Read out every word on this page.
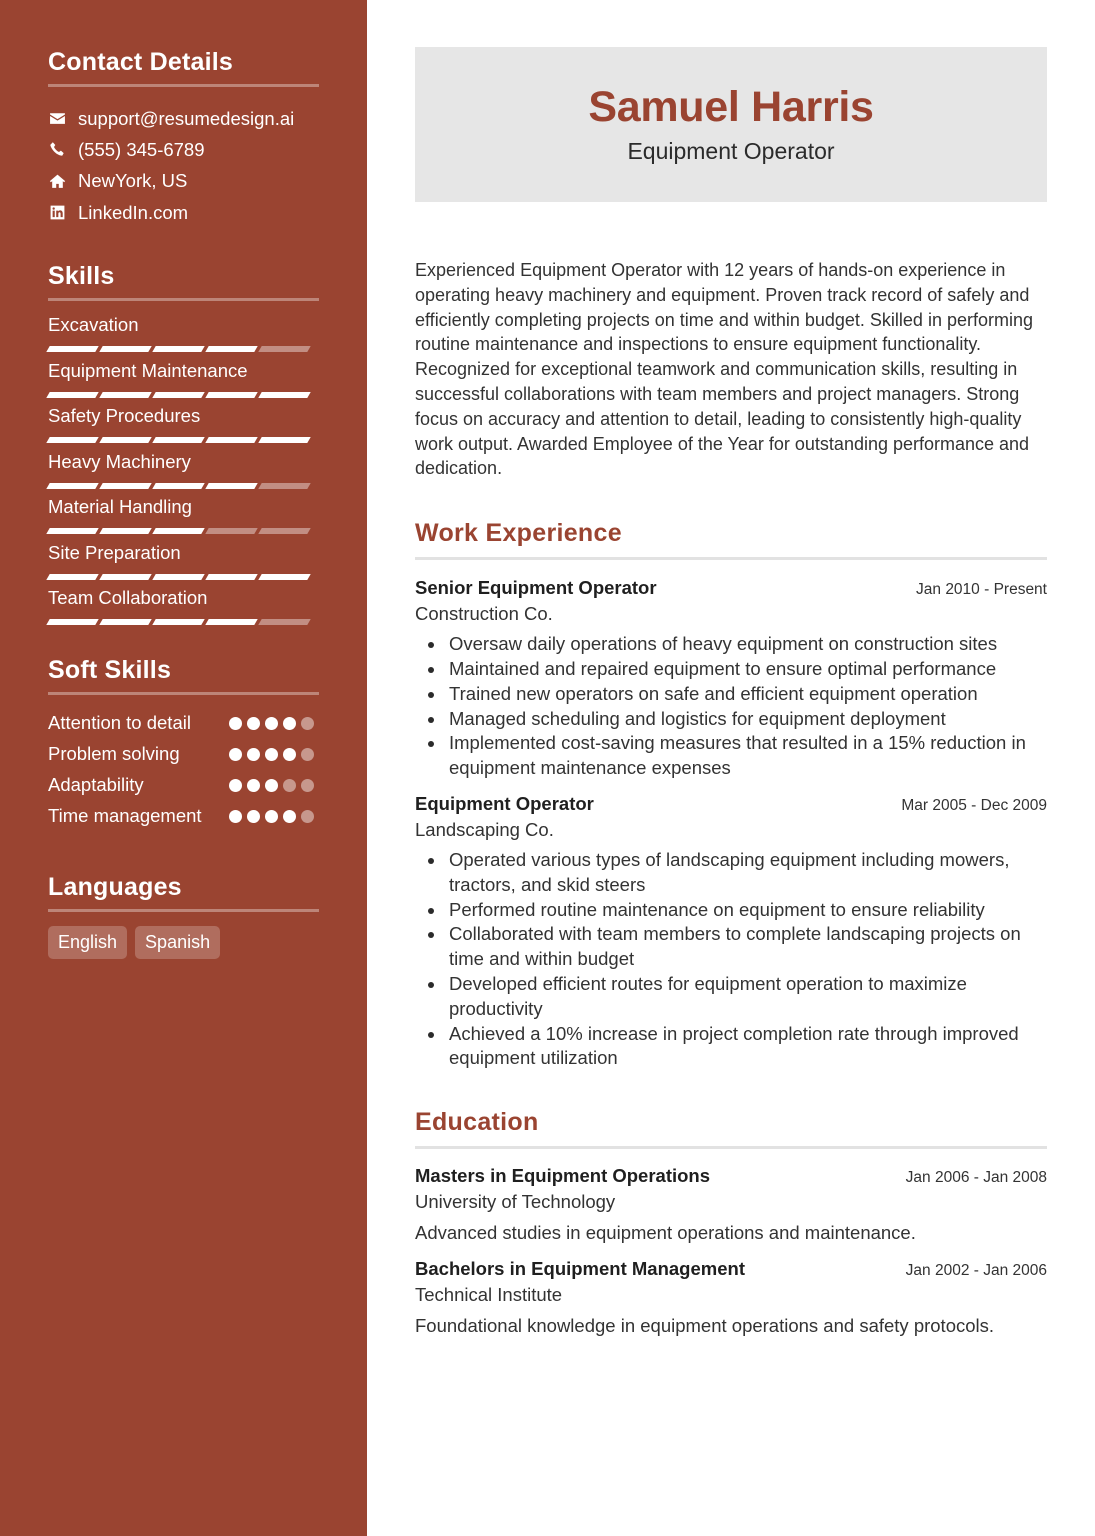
Contact Details
support@resumedesign.ai
(555) 345-6789
NewYork, US
LinkedIn.com
Skills
Excavation
Equipment Maintenance
Safety Procedures
Heavy Machinery
Material Handling
Site Preparation
Team Collaboration
Soft Skills
Attention to detail
Problem solving
Adaptability
Time management
Languages
English	Spanish
Samuel Harris
Equipment Operator

Experienced Equipment Operator with 12 years of hands-on experience in operating heavy machinery and equipment. Proven track record of safely and efficiently completing projects on time and within budget. Skilled in performing routine maintenance and inspections to ensure equipment functionality. Recognized for exceptional teamwork and communication skills, resulting in successful collaborations with team members and project managers. Strong focus on accuracy and attention to detail, leading to consistently high-quality work output. Awarded Employee of the Year for outstanding performance and dedication.

Work Experience
Senior Equipment Operator	Jan 2010 - Present
Construction Co.
Oversaw daily operations of heavy equipment on construction sites
Maintained and repaired equipment to ensure optimal performance
Trained new operators on safe and efficient equipment operation
Managed scheduling and logistics for equipment deployment
Implemented cost-saving measures that resulted in a 15% reduction in equipment maintenance expenses
Equipment Operator	Mar 2005 - Dec 2009
Landscaping Co.
Operated various types of landscaping equipment including mowers, tractors, and skid steers
Performed routine maintenance on equipment to ensure reliability
Collaborated with team members to complete landscaping projects on time and within budget
Developed efficient routes for equipment operation to maximize productivity
Achieved a 10% increase in project completion rate through improved equipment utilization
Education
Masters in Equipment Operations	Jan 2006 - Jan 2008
University of Technology
Advanced studies in equipment operations and maintenance.
Bachelors in Equipment Management	Jan 2002 - Jan 2006
Technical Institute
Foundational knowledge in equipment operations and safety protocols.
